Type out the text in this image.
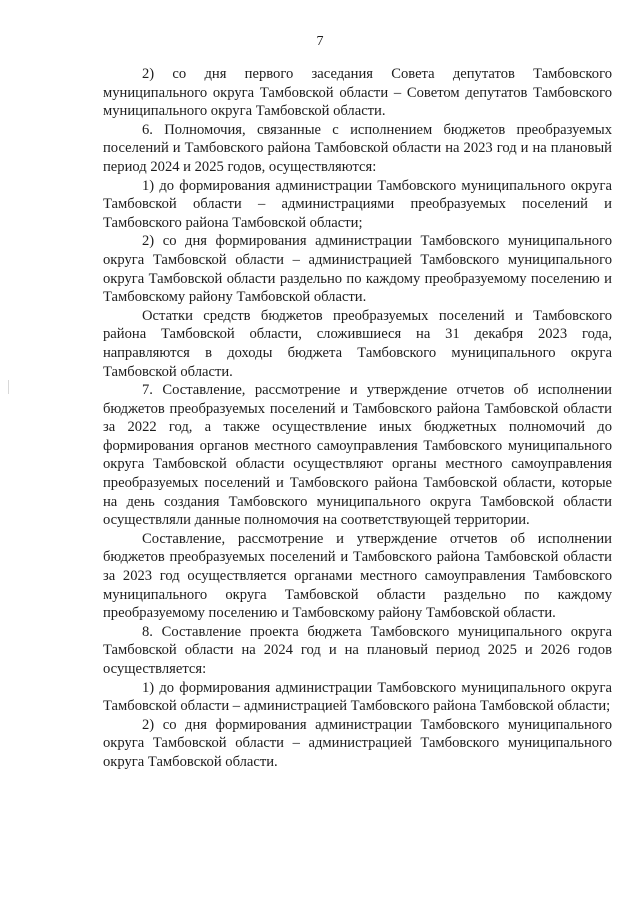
7

2) со дня первого заседания Совета депутатов Тамбовского муниципального округа Тамбовской области – Советом депутатов Тамбовского муниципального округа Тамбовской области.

6. Полномочия, связанные с исполнением бюджетов преобразуемых поселений и Тамбовского района Тамбовской области на 2023 год и на плановый период 2024 и 2025 годов, осуществляются:

1) до формирования администрации Тамбовского муниципального округа Тамбовской области – администрациями преобразуемых поселений и Тамбовского района Тамбовской области;

2) со дня формирования администрации Тамбовского муниципального округа Тамбовской области – администрацией Тамбовского муниципального округа Тамбовской области раздельно по каждому преобразуемому поселению и Тамбовскому району Тамбовской области.

Остатки средств бюджетов преобразуемых поселений и Тамбовского района Тамбовской области, сложившиеся на 31 декабря 2023 года, направляются в доходы бюджета Тамбовского муниципального округа Тамбовской области.

7. Составление, рассмотрение и утверждение отчетов об исполнении бюджетов преобразуемых поселений и Тамбовского района Тамбовской области за 2022 год, а также осуществление иных бюджетных полномочий до формирования органов местного самоуправления Тамбовского муниципального округа Тамбовской области осуществляют органы местного самоуправления преобразуемых поселений и Тамбовского района Тамбовской области, которые на день создания Тамбовского муниципального округа Тамбовской области осуществляли данные полномочия на соответствующей территории.

Составление, рассмотрение и утверждение отчетов об исполнении бюджетов преобразуемых поселений и Тамбовского района Тамбовской области за 2023 год осуществляется органами местного самоуправления Тамбовского муниципального округа Тамбовской области раздельно по каждому преобразуемому поселению и Тамбовскому району Тамбовской области.

8. Составление проекта бюджета Тамбовского муниципального округа Тамбовской области на 2024 год и на плановый период 2025 и 2026 годов осуществляется:

1) до формирования администрации Тамбовского муниципального округа Тамбовской области – администрацией Тамбовского района Тамбовской области;

2) со дня формирования администрации Тамбовского муниципального округа Тамбовской области – администрацией Тамбовского муниципального округа Тамбовской области.
